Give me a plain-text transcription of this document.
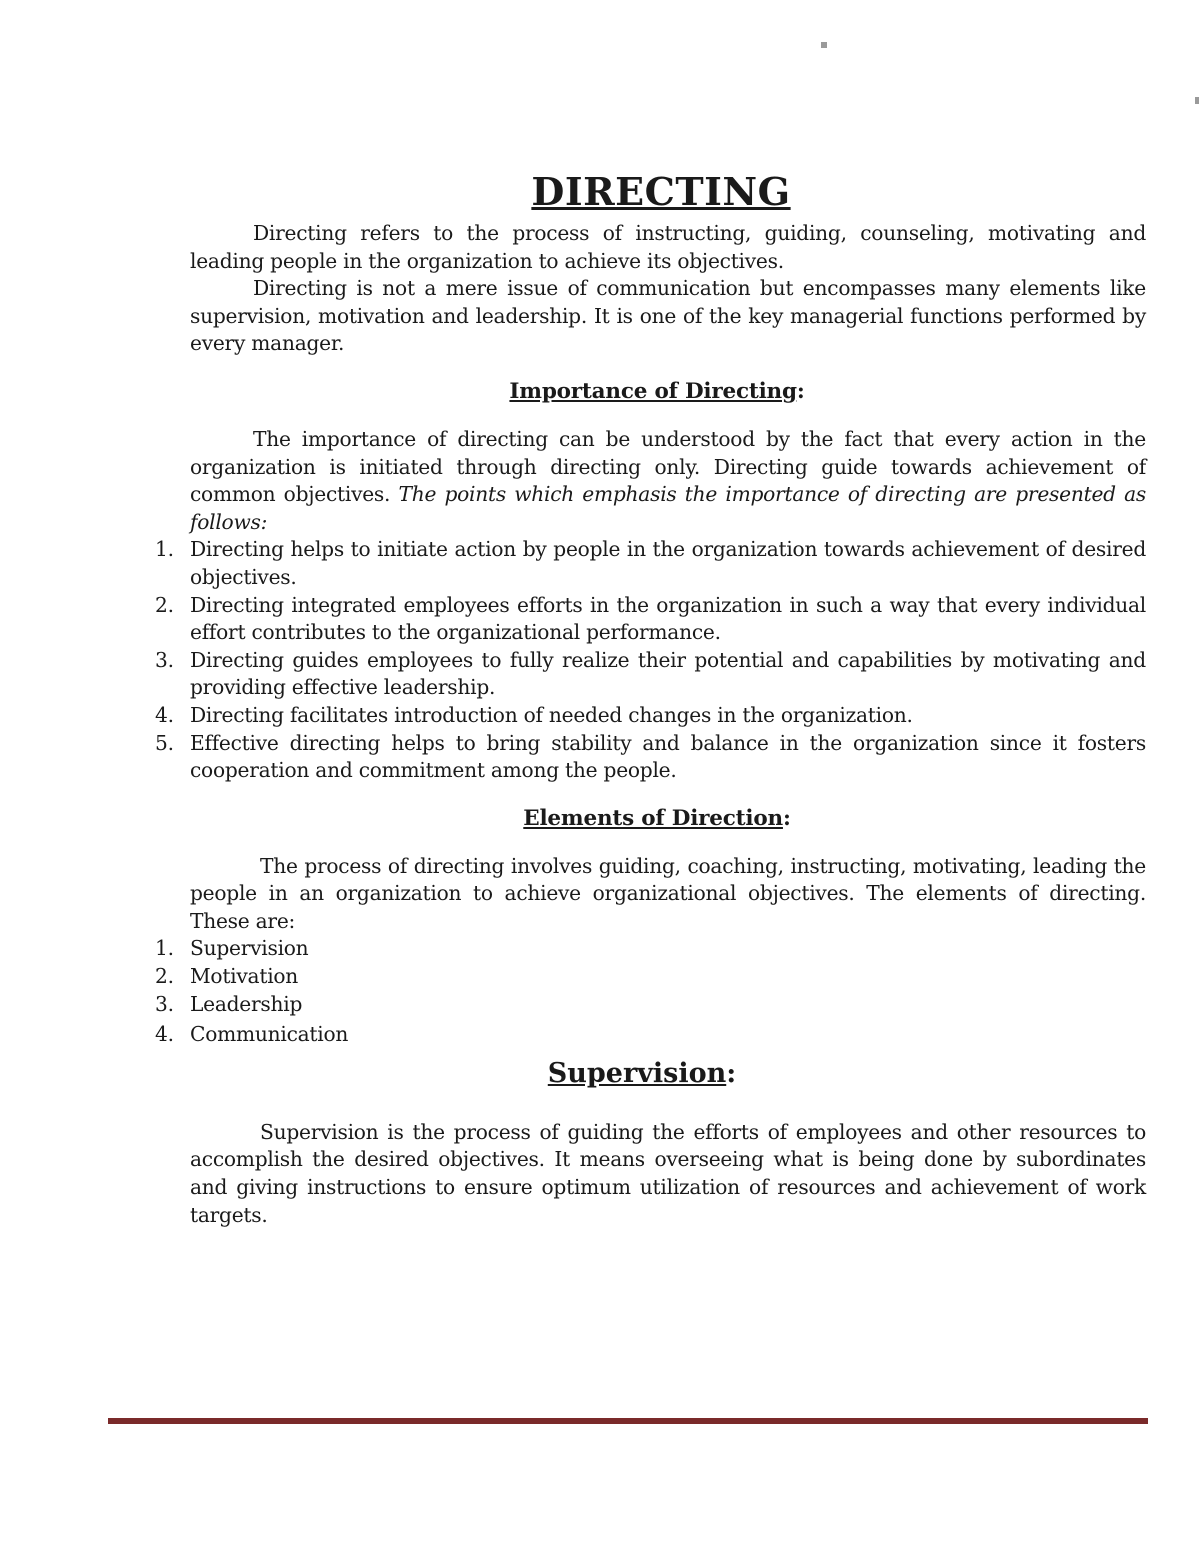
DIRECTING

Directing refers to the process of instructing, guiding, counseling, motivating and leading people in the organization to achieve its objectives.

Directing is not a mere issue of communication but encompasses many elements like supervision, motivation and leadership. It is one of the key managerial functions performed by every manager.

Importance of Directing:

The importance of directing can be understood by the fact that every action in the organization is initiated through directing only. Directing guide towards achievement of common objectives. The points which emphasis the importance of directing are presented as follows:

1. Directing helps to initiate action by people in the organization towards achievement of desired objectives.
2. Directing integrated employees efforts in the organization in such a way that every individual effort contributes to the organizational performance.
3. Directing guides employees to fully realize their potential and capabilities by motivating and providing effective leadership.
4. Directing facilitates introduction of needed changes in the organization.
5. Effective directing helps to bring stability and balance in the organization since it fosters cooperation and commitment among the people.
Elements of Direction:

The process of directing involves guiding, coaching, instructing, motivating, leading the people in an organization to achieve organizational objectives. The elements of directing. These are:

1. Supervision
2. Motivation
3. Leadership
4. Communication
Supervision:

Supervision is the process of guiding the efforts of employees and other resources to accomplish the desired objectives. It means overseeing what is being done by subordinates and giving instructions to ensure optimum utilization of resources and achievement of work targets.
